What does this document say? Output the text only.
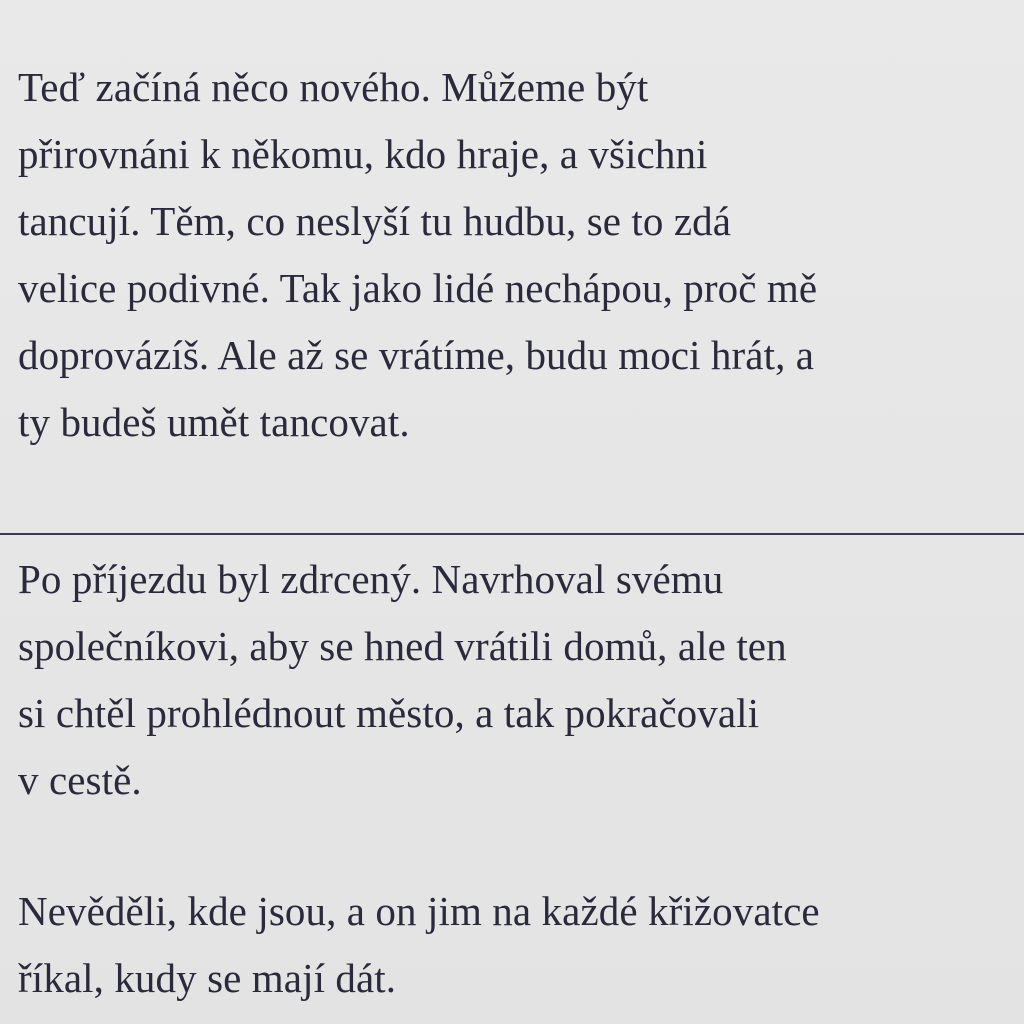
Teď začíná něco nového. Můžeme být
přirovnáni k někomu, kdo hraje, a všichni
tancují. Těm, co neslyší tu hudbu, se to zdá
velice podivné. Tak jako lidé nechápou, proč mě
doprovázíš. Ale až se vrátíme, budu moci hrát, a
ty budeš umět tancovat.

Po příjezdu byl zdrcený. Navrhoval svému
společníkovi, aby se hned vrátili domů, ale ten
si chtěl prohlédnout město, a tak pokračovali
v cestě.

Nevěděli, kde jsou, a on jim na každé křižovatce
říkal, kudy se mají dát.
